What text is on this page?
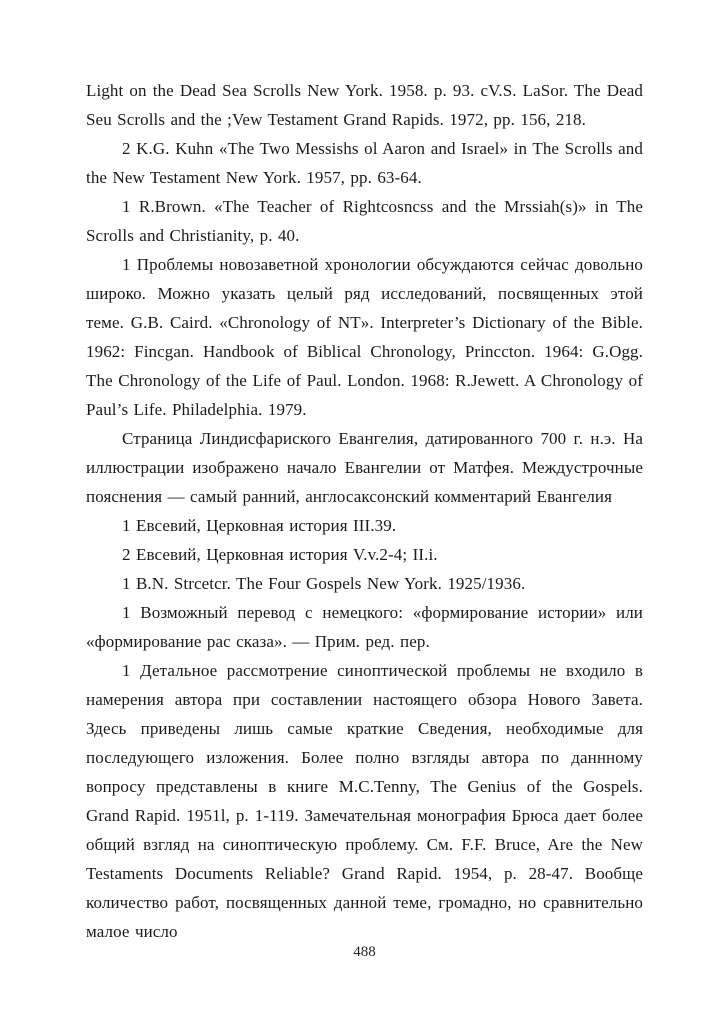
Light on the Dead Sea Scrolls New York. 1958. p. 93. cV.S. LaSor. The Dead Seu Scrolls and the ;Vew Testament Grand Rapids. 1972, pp. 156, 218.

2 K.G. Kuhn «The Two Messishs ol Aaron and Israel» in The Scrolls and the New Testament New York. 1957, pp. 63-64.

1 R.Brown. «The Teacher of Rightcosncss and the Mrssiah(s)» in The Scrolls and Christianity, p. 40.

1 Проблемы новозаветной хронологии обсуждаются сейчас довольно широко. Можно указать целый ряд исследований, посвященных этой теме. G.B. Caird. «Chronology of NT». Interpreter’s Dictionary of the Bible. 1962: Fincgan. Handbook of Biblical Chronology, Princcton. 1964: G.Ogg. The Chronology of the Life of Paul. London. 1968: R.Jewett. A Chronology of Paul’s Life. Philadelphia. 1979.

Страница Линдисфариского Евангелия, датированного 700 г. н.э. На иллюстрации изображено начало Евангелии от Матфея. Междустрочные пояснения — самый ранний, англосаксонский комментарий Евангелия

1 Евсевий, Церковная история III.39.

2 Евсевий, Церковная история V.v.2-4; II.i.

1 B.N. Strcetcr. The Four Gospels New York. 1925/1936.

1 Возможный перевод с немецкого: «формирование истории» или «формирование рас сказа». — Прим. ред. пер.

1 Детальное рассмотрение синоптической проблемы не входило в намерения автора при составлении настоящего обзора Нового Завета. Здесь приведены лишь самые краткие Сведения, необходимые для последующего изложения. Более полно взгляды автора по даннному вопросу представлены в книге M.C.Tenny, The Genius of the Gospels. Grand Rapid. 1951l, p. 1-119. Замечательная монография Брюса дает более общий взгляд на синоптическую проблему. См. F.F. Bruce, Are the New Testaments Documents Reliable? Grand Rapid. 1954, p. 28-47. Вообще количество работ, посвященных данной теме, громадно, но сравнительно малое число

488
